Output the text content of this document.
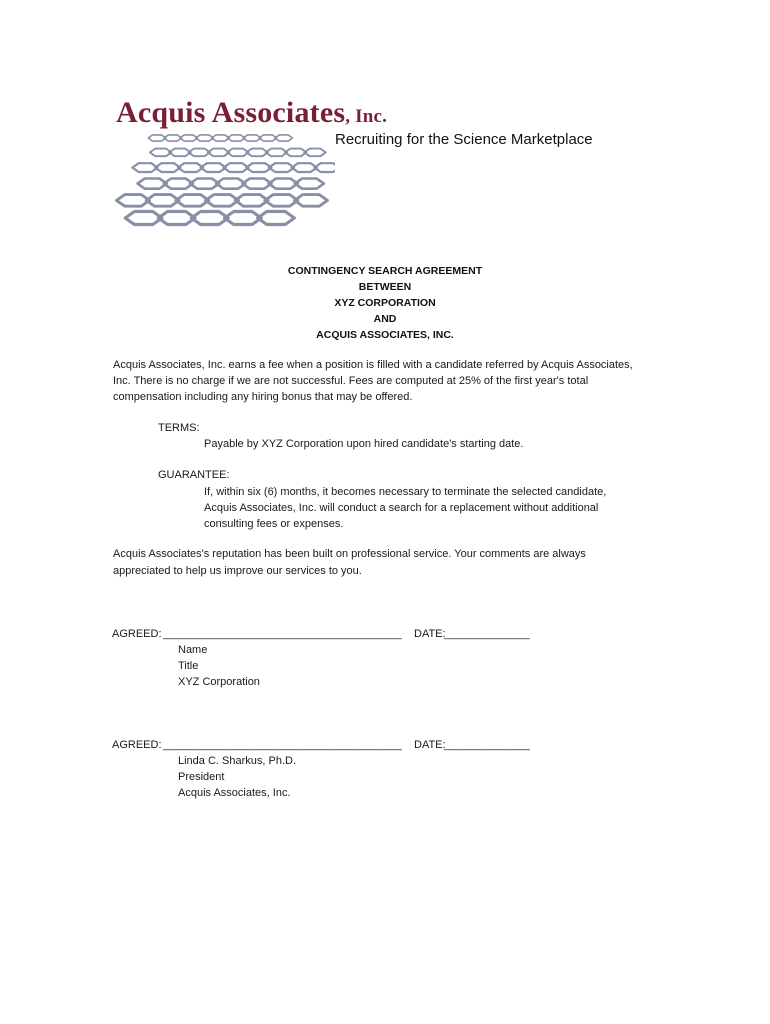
Acquis Associates, Inc.
Recruiting for the Science Marketplace
CONTINGENCY SEARCH AGREEMENT
BETWEEN
XYZ CORPORATION
AND
ACQUIS ASSOCIATES, INC.
Acquis Associates, Inc. earns a fee when a position is filled with a candidate referred by Acquis Associates,
Inc. There is no charge if we are not successful. Fees are computed at 25% of the first year's total
compensation including any hiring bonus that may be offered.
TERMS:
Payable by XYZ Corporation upon hired candidate's starting date.
GUARANTEE:
If, within six (6) months, it becomes necessary to terminate the selected candidate,
Acquis Associates, Inc. will conduct a search for a replacement without additional
consulting fees or expenses.
Acquis Associates's reputation has been built on professional service. Your comments are always
appreciated to help us improve our services to you.
AGREED: _______________________________________ DATE:
______________
Name
Title
XYZ Corporation
AGREED: _______________________________________ DATE:
______________
Linda C. Sharkus, Ph.D.
President
Acquis Associates, Inc.
